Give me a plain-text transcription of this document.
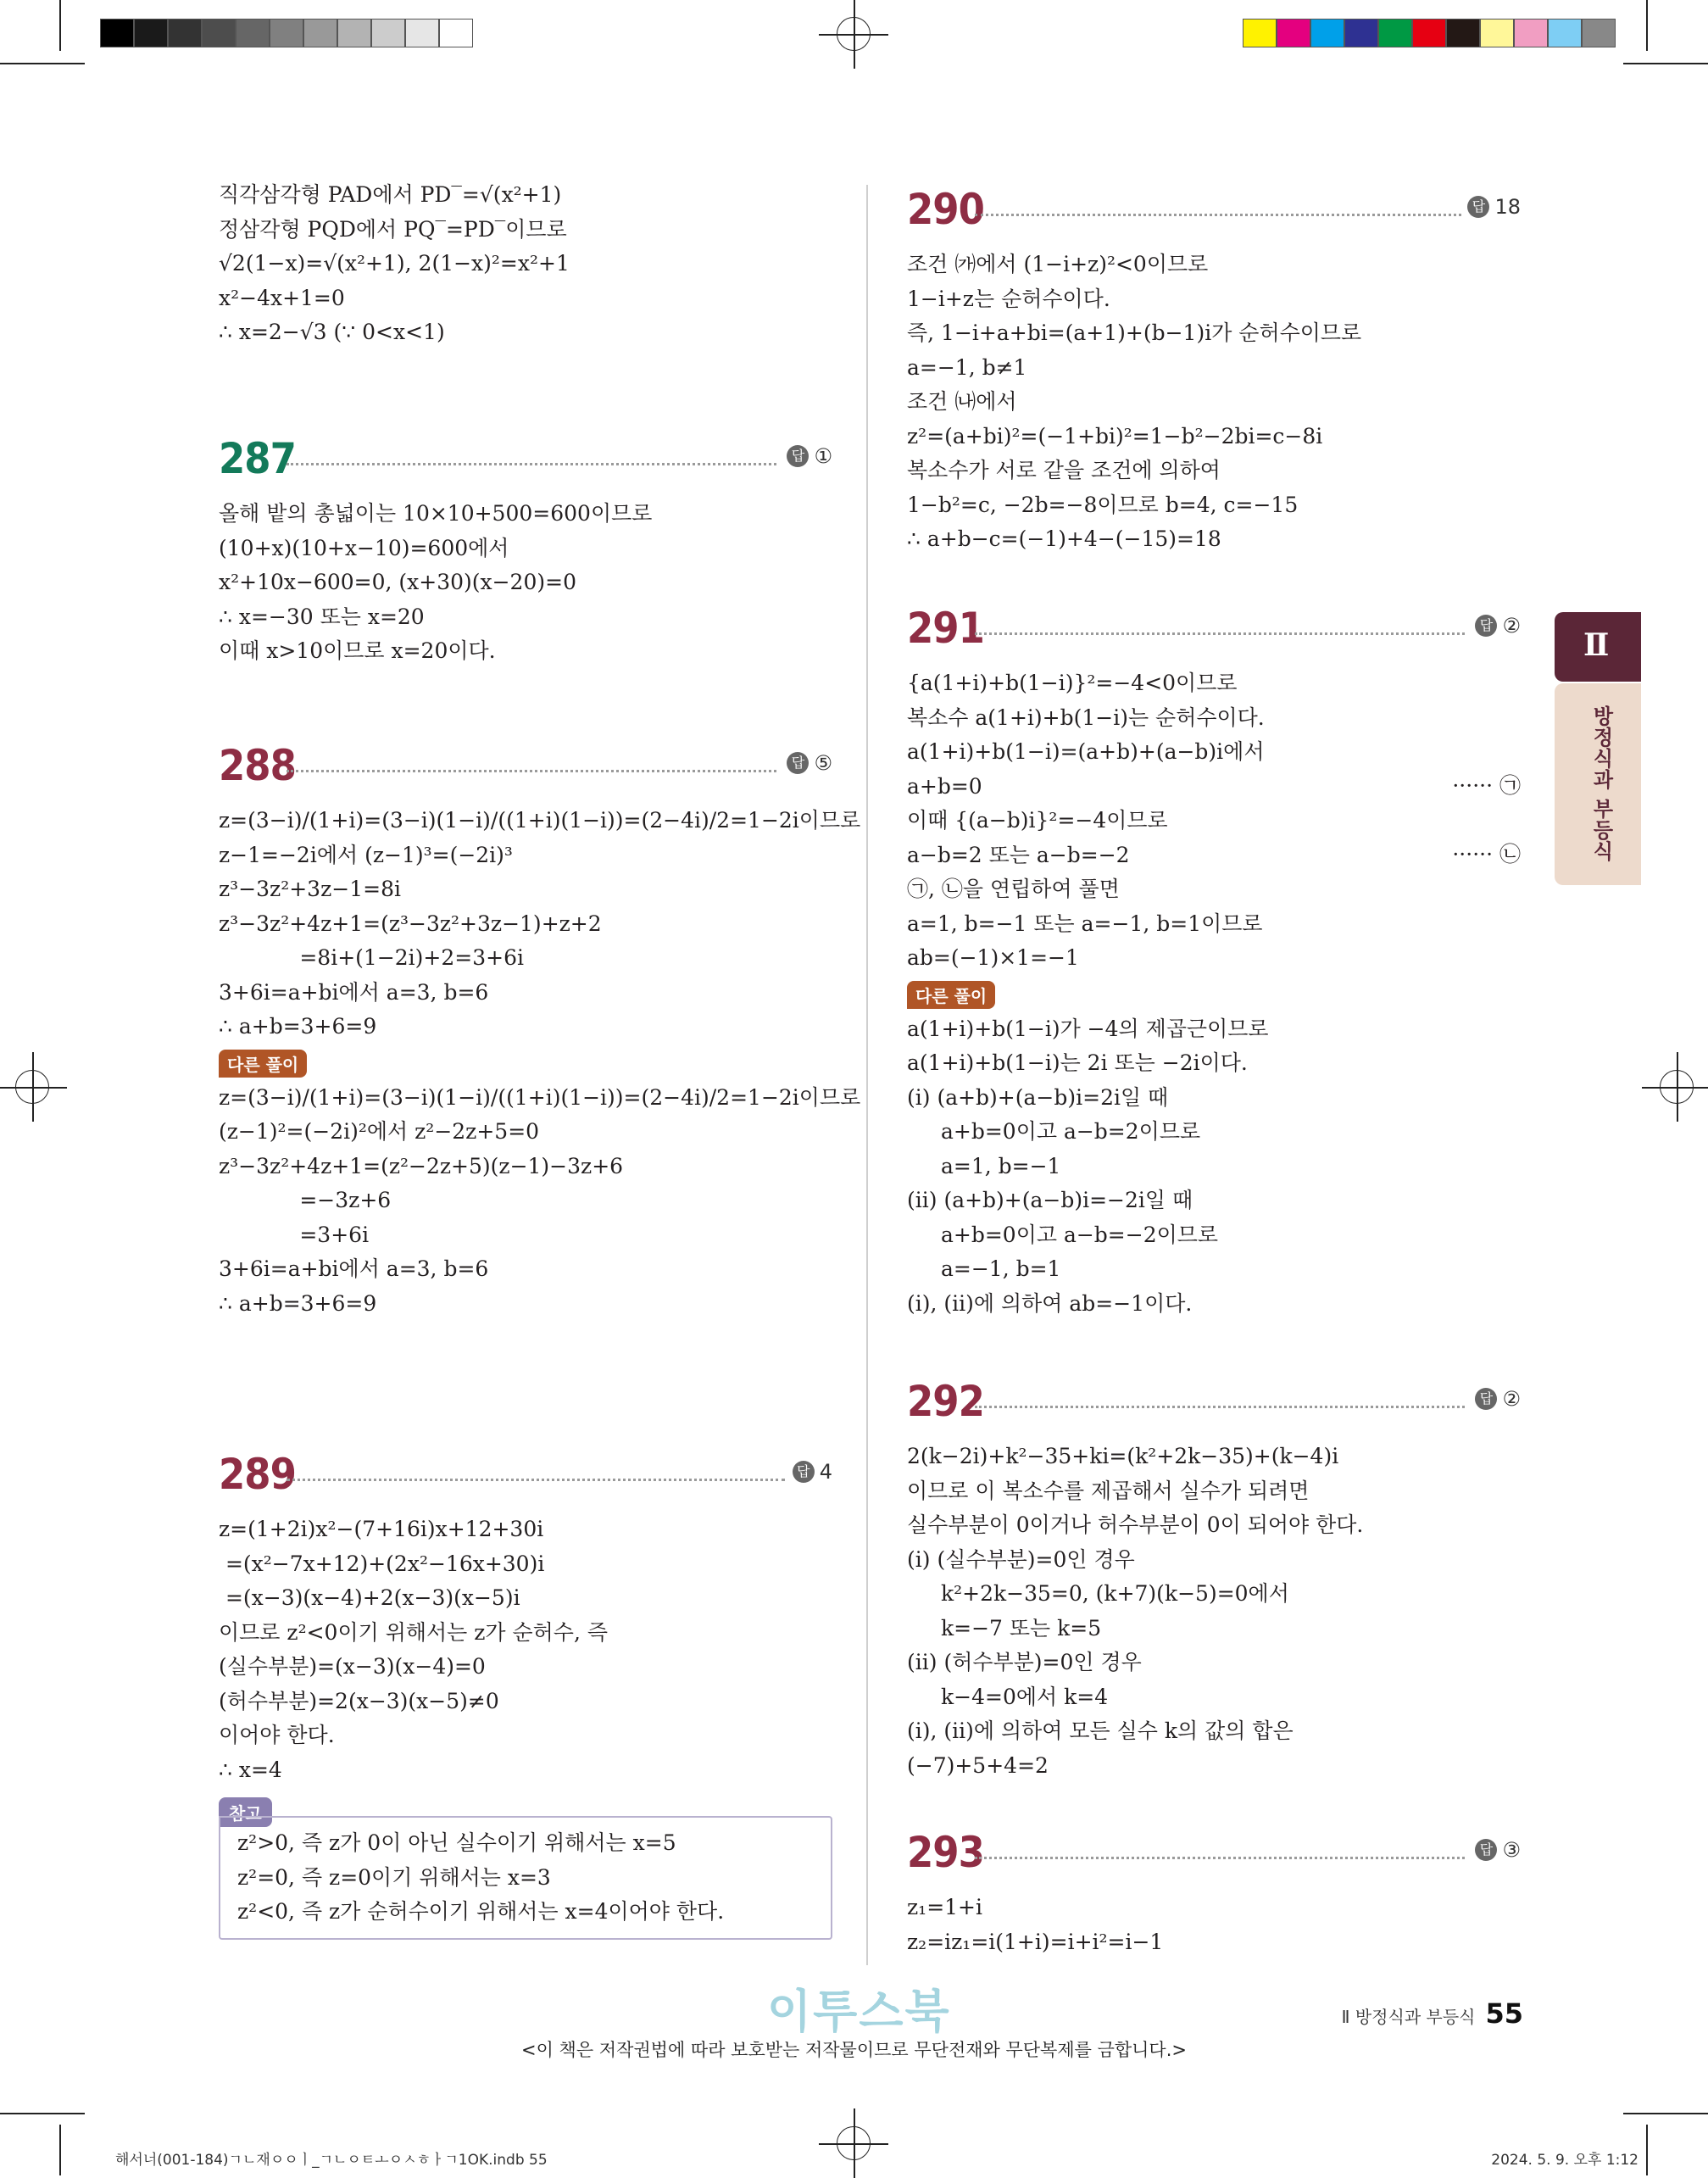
직각삼각형 PAD에서 PD‾=√(x²+1)
정삼각형 PQD에서 PQ‾=PD‾이므로
√2(1−x)=√(x²+1), 2(1−x)²=x²+1
x²−4x+1=0
∴ x=2−√3 (∵ 0<x<1)
287	답 ①
올해 밭의 총넓이는 10×10+500=600이므로
(10+x)(10+x−10)=600에서
x²+10x−600=0, (x+30)(x−20)=0
∴ x=−30 또는 x=20
이때 x>10이므로 x=20이다.
288	답 ⑤
z=(3−i)/(1+i)=(3−i)(1−i)/((1+i)(1−i))=(2−4i)/2=1−2i이므로
z−1=−2i에서 (z−1)³=(−2i)³
z³−3z²+3z−1=8i
z³−3z²+4z+1=(z³−3z²+3z−1)+z+2
=8i+(1−2i)+2=3+6i
3+6i=a+bi에서 a=3, b=6
∴ a+b=3+6=9
다른 풀이
z=(3−i)/(1+i)=(3−i)(1−i)/((1+i)(1−i))=(2−4i)/2=1−2i이므로
(z−1)²=(−2i)²에서 z²−2z+5=0
z³−3z²+4z+1=(z²−2z+5)(z−1)−3z+6
=−3z+6
=3+6i
3+6i=a+bi에서 a=3, b=6
∴ a+b=3+6=9
289	답 4
z=(1+2i)x²−(7+16i)x+12+30i
=(x²−7x+12)+(2x²−16x+30)i
=(x−3)(x−4)+2(x−3)(x−5)i
이므로 z²<0이기 위해서는 z가 순허수, 즉
(실수부분)=(x−3)(x−4)=0
(허수부분)=2(x−3)(x−5)≠0
이어야 한다.
∴ x=4
참고
z²>0, 즉 z가 0이 아닌 실수이기 위해서는 x=5
z²=0, 즉 z=0이기 위해서는 x=3
z²<0, 즉 z가 순허수이기 위해서는 x=4이어야 한다.
290	답 18
조건 ㈎에서 (1−i+z)²<0이므로
1−i+z는 순허수이다.
즉, 1−i+a+bi=(a+1)+(b−1)i가 순허수이므로
a=−1, b≠1
조건 ㈏에서
z²=(a+bi)²=(−1+bi)²=1−b²−2bi=c−8i
복소수가 서로 같을 조건에 의하여
1−b²=c, −2b=−8이므로 b=4, c=−15
∴ a+b−c=(−1)+4−(−15)=18
291	답 ②
{a(1+i)+b(1−i)}²=−4<0이므로
복소수 a(1+i)+b(1−i)는 순허수이다.
a(1+i)+b(1−i)=(a+b)+(a−b)i에서
a+b=0
이때 {(a−b)i}²=−4이므로
a−b=2 또는 a−b=−2
㉠, ㉡을 연립하여 풀면
a=1, b=−1 또는 a=−1, b=1이므로
ab=(−1)×1=−1
······ ㉠
······ ㉡
다른 풀이
a(1+i)+b(1−i)가 −4의 제곱근이므로
a(1+i)+b(1−i)는 2i 또는 −2i이다.
(ⅰ) (a+b)+(a−b)i=2i일 때
a+b=0이고 a−b=2이므로
a=1, b=−1
(ⅱ) (a+b)+(a−b)i=−2i일 때
a+b=0이고 a−b=−2이므로
a=−1, b=1
(ⅰ), (ⅱ)에 의하여 ab=−1이다.
292	답 ②
2(k−2i)+k²−35+ki=(k²+2k−35)+(k−4)i
이므로 이 복소수를 제곱해서 실수가 되려면
실수부분이 0이거나 허수부분이 0이 되어야 한다.
(ⅰ) (실수부분)=0인 경우
k²+2k−35=0, (k+7)(k−5)=0에서
k=−7 또는 k=5
(ⅱ) (허수부분)=0인 경우
k−4=0에서 k=4
(ⅰ), (ⅱ)에 의하여 모든 실수 k의 값의 합은
(−7)+5+4=2
293	답 ③
z₁=1+i
z₂=iz₁=i(1+i)=i+i²=i−1
Ⅱ
방정식과 부등식
이투스북	Ⅱ 방정식과 부등식 55
<이 책은 저작권법에 따라 보호받는 저작물이므로 무단전재와 무단복제를 금합니다.>
해서너(001-184)ㄱㄴ재ㅇㅇㅣ_ㄱㄴㅇㅌㅗㅇㅅㅎㅏㄱ1OK.indb 55	2024. 5. 9. 오후 1:12
